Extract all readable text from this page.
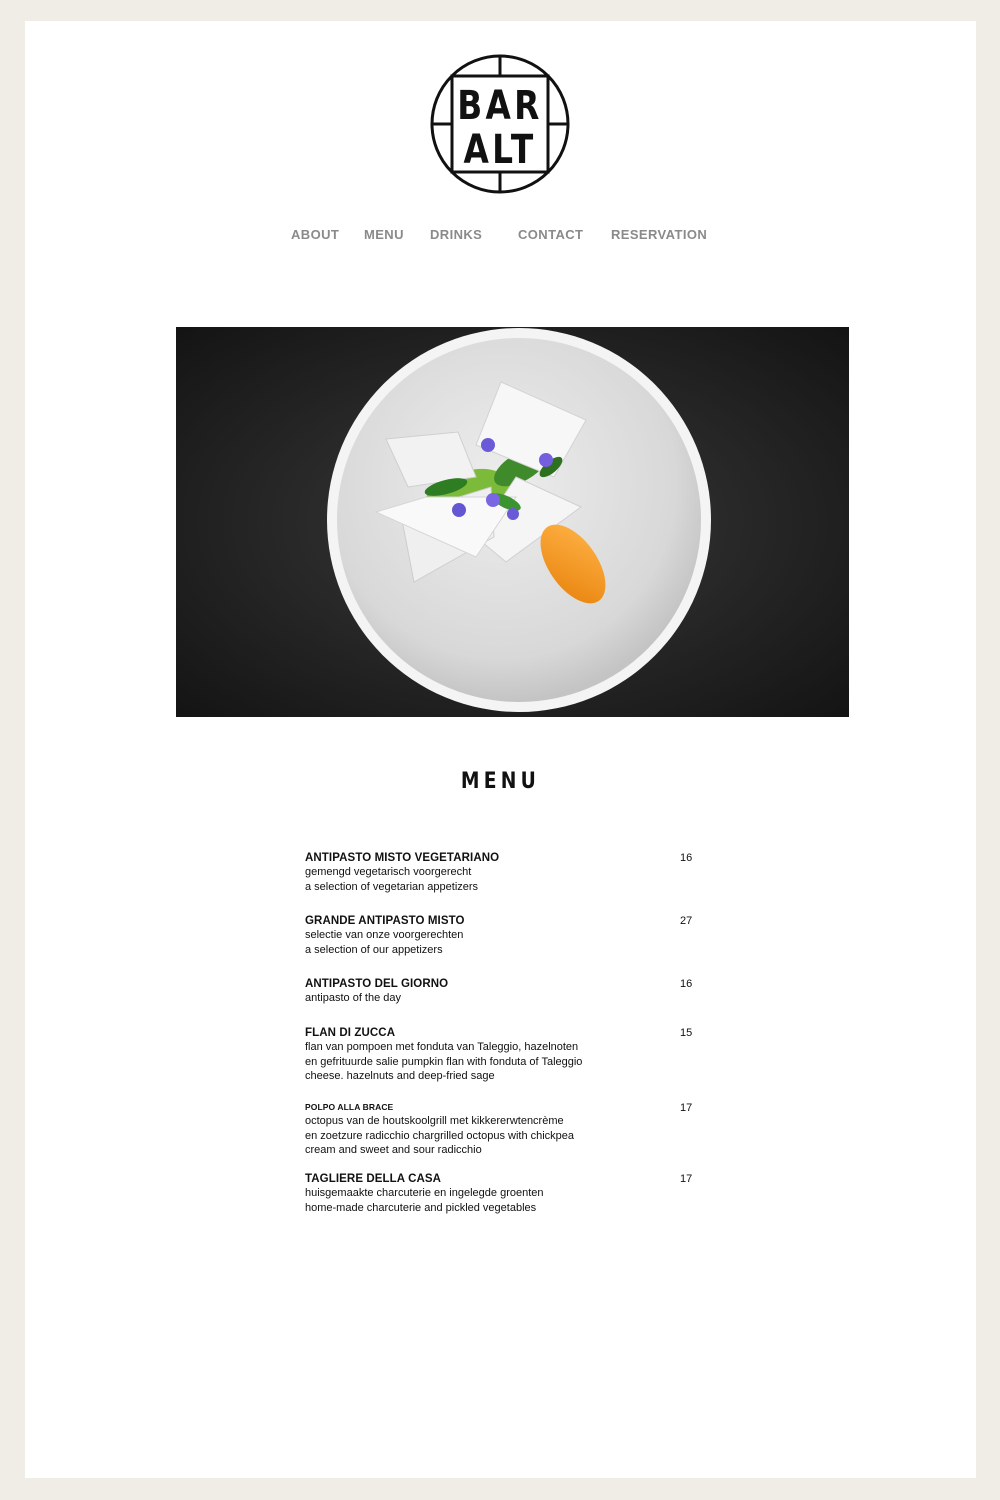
BAR
ALT
ABOUT MENU DRINKS	CONTACT RESERVATION
MENU

ANTIPASTO MISTO VEGETARIANO

gemengd vegetarisch voorgerecht

a selection of vegetarian appetizers

16

GRANDE ANTIPASTO MISTO

selectie van onze voorgerechten

a selection of our appetizers

27

ANTIPASTO DEL GIORNO

antipasto of the day

16

FLAN DI ZUCCA

flan van pompoen met fonduta van Taleggio, hazelnoten

en gefrituurde salie pumpkin flan with fonduta of Taleggio

cheese. hazelnuts and deep-fried sage

15

POLPO ALLA BRACE

octopus van de houtskoolgrill met kikkererwtencrème

en zoetzure radicchio chargrilled octopus with chickpea

cream and sweet and sour radicchio

17

TAGLIERE DELLA CASA

huisgemaakte charcuterie en ingelegde groenten

home-made charcuterie and pickled vegetables

17
